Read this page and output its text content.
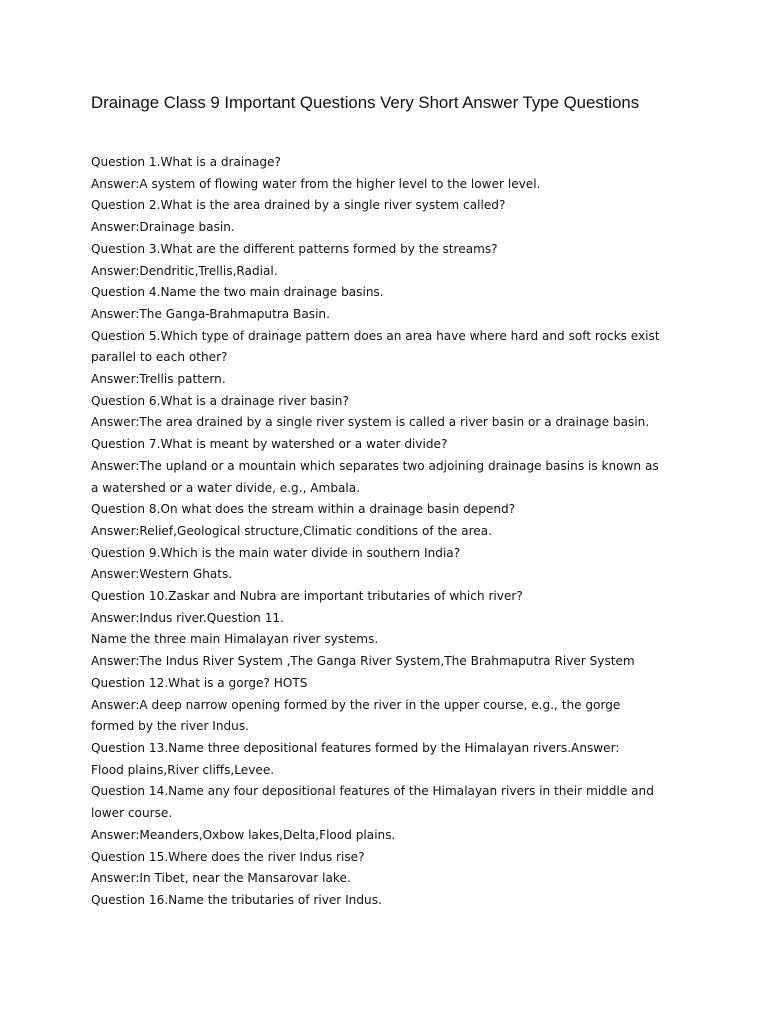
Drainage Class 9 Important Questions Very Short Answer Type Questions
Question 1.What is a drainage?
Answer:A system of flowing water from the higher level to the lower level.
Question 2.What is the area drained by a single river system called?
Answer:Drainage basin.
Question 3.What are the different patterns formed by the streams?
Answer:Dendritic,Trellis,Radial.
Question 4.Name the two main drainage basins.
Answer:The Ganga-Brahmaputra Basin.
Question 5.Which type of drainage pattern does an area have where hard and soft rocks exist
parallel to each other?
Answer:Trellis pattern.
Question 6.What is a drainage river basin?
Answer:The area drained by a single river system is called a river basin or a drainage basin.
Question 7.What is meant by watershed or a water divide?
Answer:The upland or a mountain which separates two adjoining drainage basins is known as
a watershed or a water divide, e.g., Ambala.
Question 8.On what does the stream within a drainage basin depend?
Answer:Relief,Geological structure,Climatic conditions of the area.
Question 9.Which is the main water divide in southern India?
Answer:Western Ghats.
Question 10.Zaskar and Nubra are important tributaries of which river?
Answer:Indus river.Question 11.
Name the three main Himalayan river systems.
Answer:The Indus River System ,The Ganga River System,The Brahmaputra River System
Question 12.What is a gorge? HOTS
Answer:A deep narrow opening formed by the river in the upper course, e.g., the gorge
formed by the river Indus.
Question 13.Name three depositional features formed by the Himalayan rivers.Answer:
Flood plains,River cliffs,Levee.
Question 14.Name any four depositional features of the Himalayan rivers in their middle and
lower course.
Answer:Meanders,Oxbow lakes,Delta,Flood plains.
Question 15.Where does the river Indus rise?
Answer:In Tibet, near the Mansarovar lake.
Question 16.Name the tributaries of river Indus.
